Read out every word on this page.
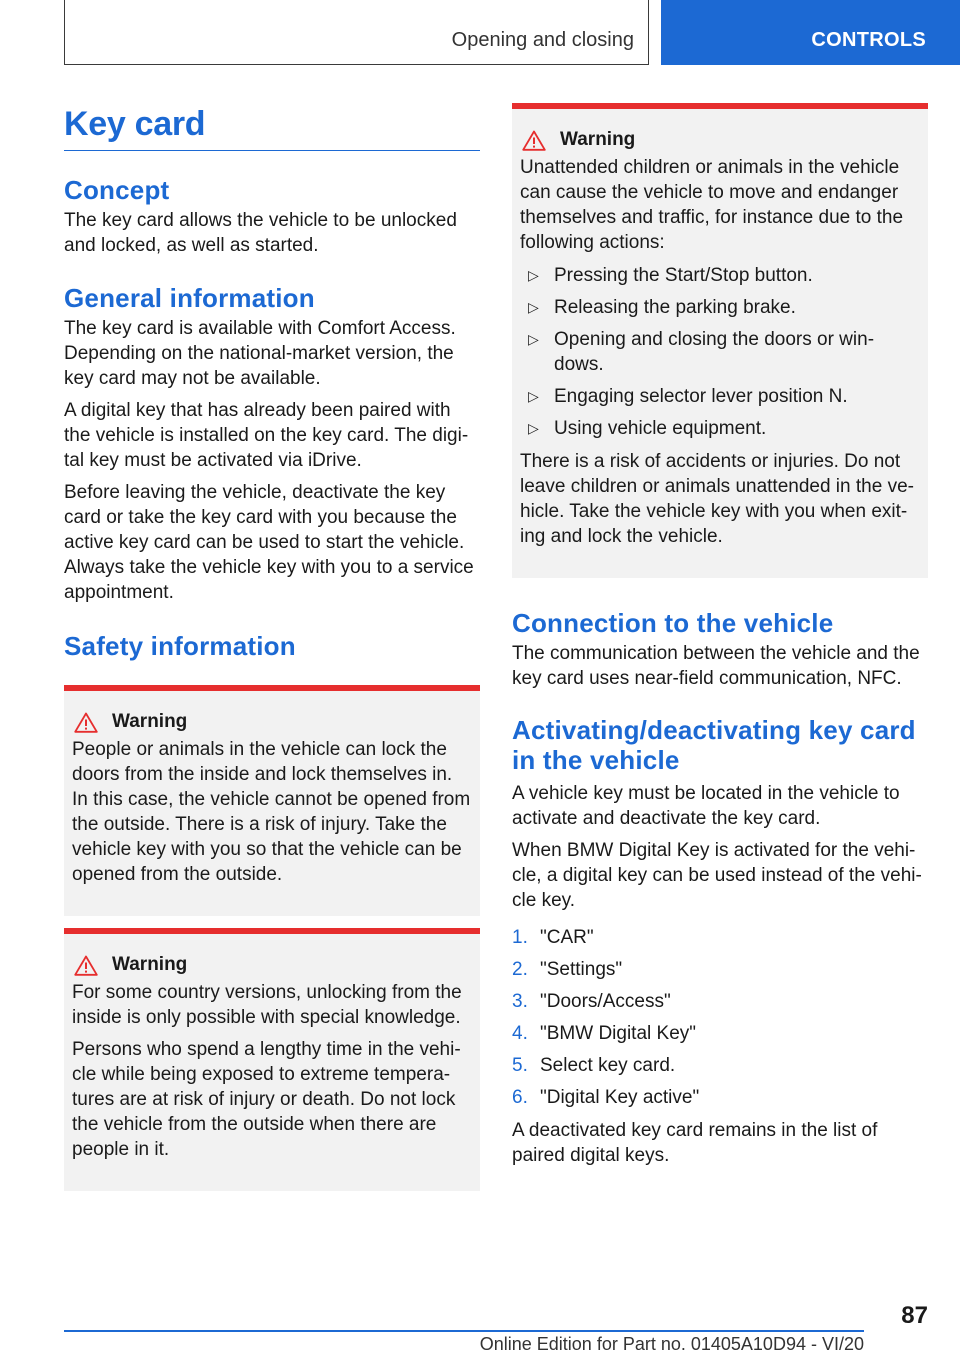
Opening and closing	CONTROLS
Key card
Concept

The key card allows the vehicle to be unlocked and locked, as well as started.

General information

The key card is available with Comfort Access. Depending on the national-market version, the key card may not be available.

A digital key that has already been paired with the vehicle is installed on the key card. The digi-tal key must be activated via iDrive.

Before leaving the vehicle, deactivate the key card or take the key card with you because the active key card can be used to start the vehicle. Always take the vehicle key with you to a service appointment.

Safety information
Warning

People or animals in the vehicle can lock the doors from the inside and lock themselves in. In this case, the vehicle cannot be opened from the outside. There is a risk of injury. Take the vehicle key with you so that the vehicle can be opened from the outside.

Warning

For some country versions, unlocking from the inside is only possible with special knowledge.

Persons who spend a lengthy time in the vehi-cle while being exposed to extreme tempera-tures are at risk of injury or death. Do not lock the vehicle from the outside when there are people in it.

Warning

Unattended children or animals in the vehicle can cause the vehicle to move and endanger themselves and traffic, for instance due to the following actions:

▷ Pressing the Start/Stop button.
▷ Releasing the parking brake.
▷ Opening and closing the doors or win-dows.
▷ Engaging selector lever position N.
▷ Using vehicle equipment.

There is a risk of accidents or injuries. Do not leave children or animals unattended in the ve-hicle. Take the vehicle key with you when exit-ing and lock the vehicle.

Connection to the vehicle

The communication between the vehicle and the key card uses near-field communication, NFC.

Activating/deactivating key card in the vehicle

A vehicle key must be located in the vehicle to activate and deactivate the key card.

When BMW Digital Key is activated for the vehi-cle, a digital key can be used instead of the vehi-cle key.

1. "CAR"
2. "Settings"
3. "Doors/Access"
4. "BMW Digital Key"
5. Select key card.
6. "Digital Key active"

A deactivated key card remains in the list of paired digital keys.

87
Online Edition for Part no. 01405A10D94 - VI/20
